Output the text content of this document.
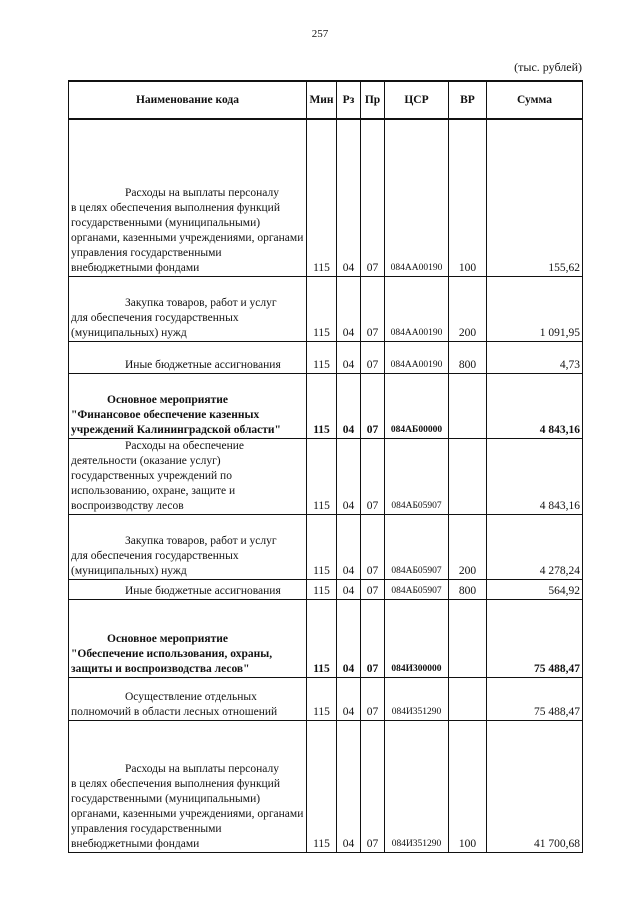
257
(тыс. рублей)
Наименование кода	Мин	Рз	Пр	ЦСР	ВР	Сумма

Расходы на выплаты персоналу
в целях обеспечения выполнения функций государственными (муниципальными) органами, казенными учреждениями, органами управления государственными внебюджетными фондами	115	04	07	084АА00190	100	155,62

Закупка товаров, работ и услуг
для обеспечения государственных (муниципальных) нужд	115	04	07	084АА00190	200	1 091,95

Иные бюджетные ассигнования	115	04	07	084АА00190	800	4,73

Основное мероприятие
"Финансовое обеспечение казенных учреждений Калининградской области"	115	04	07	084АБ00000		4 843,16

Расходы на обеспечение
деятельности (оказание услуг) государственных учреждений по использованию, охране, защите и воспроизводству лесов	115	04	07	084АБ05907		4 843,16

Закупка товаров, работ и услуг
для обеспечения государственных (муниципальных) нужд	115	04	07	084АБ05907	200	4 278,24

Иные бюджетные ассигнования	115	04	07	084АБ05907	800	564,92

Основное мероприятие
"Обеспечение использования, охраны, защиты и воспроизводства лесов"	115	04	07	084И300000		75 488,47

Осуществление отдельных
полномочий в области лесных отношений	115	04	07	084И351290		75 488,47

Расходы на выплаты персоналу
в целях обеспечения выполнения функций государственными (муниципальными) органами, казенными учреждениями, органами управления государственными внебюджетными фондами	115	04	07	084И351290	100	41 700,68
